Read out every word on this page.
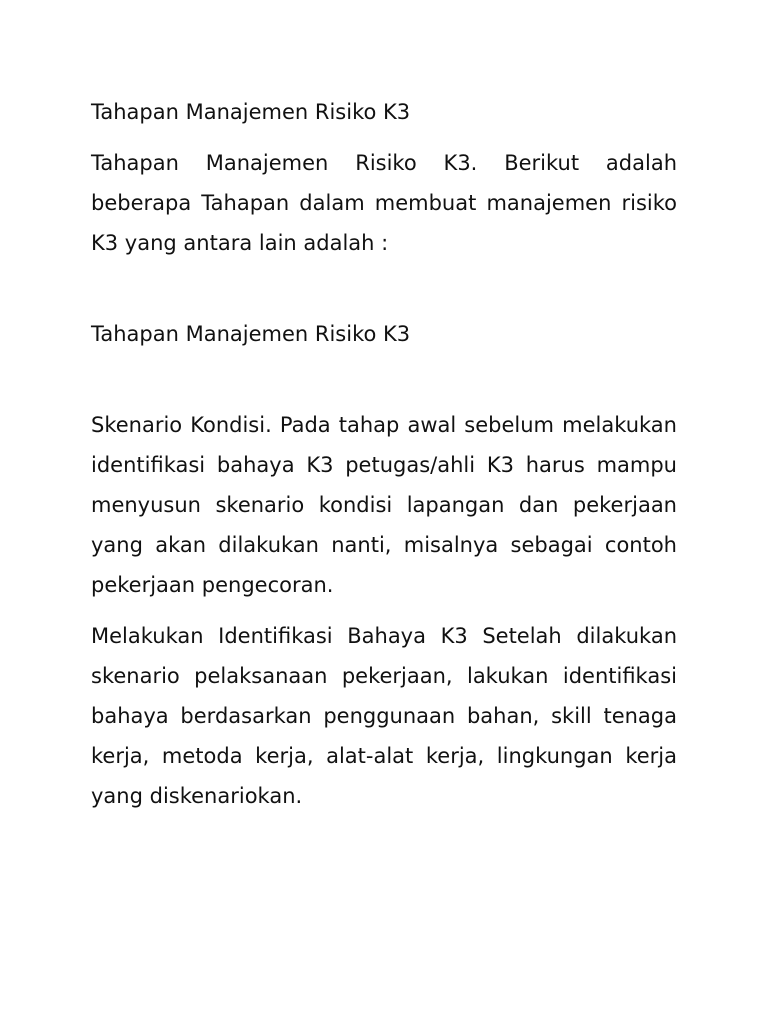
Tahapan Manajemen Risiko K3

Tahapan Manajemen Risiko K3. Berikut adalah beberapa Tahapan dalam membuat manajemen risiko K3 yang antara lain adalah :

Tahapan Manajemen Risiko K3

Skenario Kondisi. Pada tahap awal sebelum melakukan identifikasi bahaya K3 petugas/ahli K3 harus mampu menyusun skenario kondisi lapangan dan pekerjaan yang akan dilakukan nanti, misalnya sebagai contoh pekerjaan pengecoran.

Melakukan Identifikasi Bahaya K3 Setelah dilakukan skenario pelaksanaan pekerjaan, lakukan identifikasi bahaya berdasarkan penggunaan bahan, skill tenaga kerja, metoda kerja, alat-alat kerja, lingkungan kerja yang diskenariokan.
